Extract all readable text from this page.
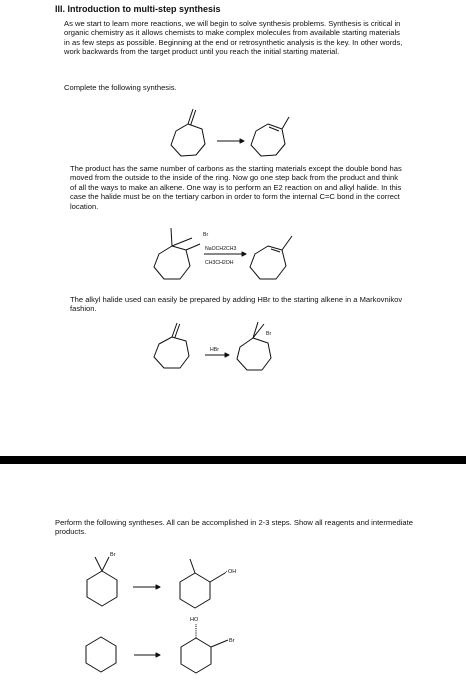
III. Introduction to multi-step synthesis
As we start to learn more reactions, we will begin to solve synthesis problems. Synthesis is critical in organic chemistry as it allows chemists to make complex molecules from available starting materials in as few steps as possible. Beginning at the end or retrosynthetic analysis is the key. In other words, work backwards from the target product until you reach the initial starting material.
Complete the following synthesis.
The product has the same number of carbons as the starting materials except the double bond has moved from the outside to the inside of the ring. Now go one step back from the product and think of all the ways to make an alkene. One way is to perform an E2 reaction on and alkyl halide. In this case the halide must be on the tertiary carbon in order to form the internal C=C bond in the correct location.
The alkyl halide used can easily be prepared by adding HBr to the starting alkene in a Markovnikov fashion.
Perform the following syntheses. All can be accomplished in 2-3 steps. Show all reagents and intermediate products.
Br
NaOCH2CH3
CH3CH2OH
HBr
Br
Br
OH
HO
Br
